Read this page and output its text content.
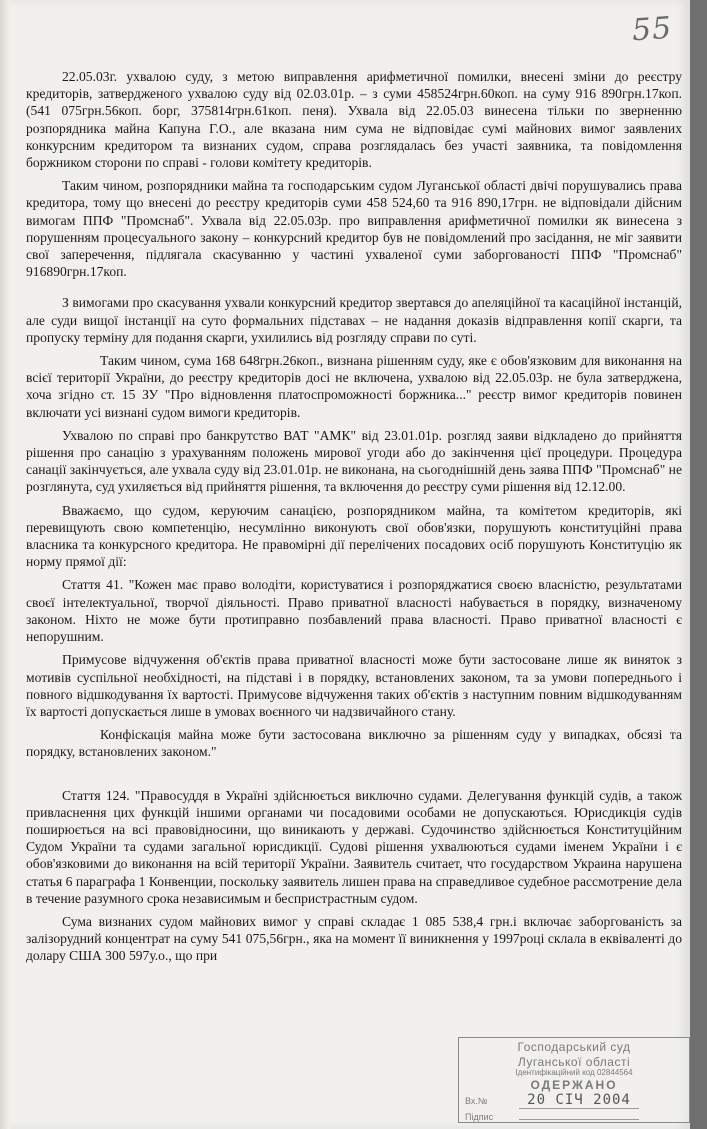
55

22.05.03г. ухвалою суду, з метою виправлення арифметичної помилки, внесені зміни до реєстру кредиторів, затвердженого ухвалою суду від 02.03.01р. – з суми 458524грн.60коп. на суму 916 890грн.17коп. (541 075грн.56коп. борг, 375814грн.61коп. пеня). Ухвала від 22.05.03 винесена тільки по зверненню розпорядника майна Капуна Г.О., але вказана ним сума не відповідає сумі майнових вимог заявлених конкурсним кредитором та визнаних судом, справа розглядалась без участі заявника, та повідомлення боржником сторони по справі - голови комітету кредиторів.

Таким чином, розпорядники майна та господарським судом Луганської області двічі порушувались права кредитора, тому що внесені до реєстру кредиторів суми 458 524,60 та 916 890,17грн. не відповідали дійсним вимогам ППФ "Промснаб". Ухвала від 22.05.03р. про виправлення арифметичної помилки як винесена з порушенням процесуального закону – конкурсний кредитор був не повідомлений про засідання, не міг заявити свої заперечення, підлягала скасуванню у частині ухваленої суми заборгованості ППФ "Промснаб" 916890грн.17коп.

З вимогами про скасування ухвали конкурсний кредитор звертався до апеляційної та касаційної інстанцій, але суди вищої інстанції на суто формальних підставах – не надання доказів відправлення копії скарги, та пропуску терміну для подання скарги, ухилились від розгляду справи по суті.

Таким чином, сума 168 648грн.26коп., визнана рішенням суду, яке є обов'язковим для виконання на всієї території України, до реєстру кредиторів досі не включена, ухвалою від 22.05.03р. не була затверджена, хоча згідно ст. 15 ЗУ "Про відновлення платоспроможності боржника..." реєстр вимог кредиторів повинен включати усі визнані судом вимоги кредиторів.

Ухвалою по справі про банкрутство ВАТ "АМК" від 23.01.01р. розгляд заяви відкладено до прийняття рішення про санацію з урахуванням положень мирової угоди або до закінчення цієї процедури. Процедура санації закінчується, але ухвала суду від 23.01.01р. не виконана, на сьогоднішній день заява ППФ "Промснаб" не розглянута, суд ухиляється від прийняття рішення, та включення до реєстру суми рішення від 12.12.00.

Вважаємо, що судом, керуючим санацією, розпорядником майна, та комітетом кредиторів, які перевищують свою компетенцію, несумлінно виконують свої обов'язки, порушують конституційні права власника та конкурсного кредитора. Не правомірні дії перелічених посадових осіб порушують Конституцію як норму прямої дії:

Стаття 41. "Кожен має право володіти, користуватися і розпоряджатися своєю власністю, результатами своєї інтелектуальної, творчої діяльності. Право приватної власності набувається в порядку, визначеному законом. Ніхто не може бути протиправно позбавлений права власності. Право приватної власності є непорушним.

Примусове відчуження об'єктів права приватної власності може бути застосоване лише як виняток з мотивів суспільної необхідності, на підставі і в порядку, встановлених законом, та за умови попереднього і повного відшкодування їх вартості. Примусове відчуження таких об'єктів з наступним повним відшкодуванням їх вартості допускається лише в умовах воєнного чи надзвичайного стану.

Конфіскація майна може бути застосована виключно за рішенням суду у випадках, обсязі та порядку, встановлених законом."

Стаття 124. "Правосуддя в Україні здійснюється виключно судами. Делегування функцій судів, а також привласнення цих функцій іншими органами чи посадовими особами не допускаються. Юрисдикція судів поширюється на всі правовідносини, що виникають у державі. Судочинство здійснюється Конституційним Судом України та судами загальної юрисдикції. Судові рішення ухвалюються судами іменем України і є обов'язковими до виконання на всій території України. Заявитель считает, что государством Украина нарушена статья 6 параграфа 1 Конвенции, поскольку заявитель лишен права на справедливое судебное рассмотрение дела в течение разумного срока независимым и беспристрастным судом.

Сума визнаних судом майнових вимог у справі складає 1 085 538,4 грн.і включає заборгованість за залізорудний концентрат на суму 541 075,56грн., яка на момент її виникнення у 1997році склала в еквіваленті до долару США 300 597у.о., що при

Господарський суд
Луганської області
Ідентифікаційний код 02844564
ОДЕРЖАНО
Вх.№	20 СІЧ 2004
Підпис
